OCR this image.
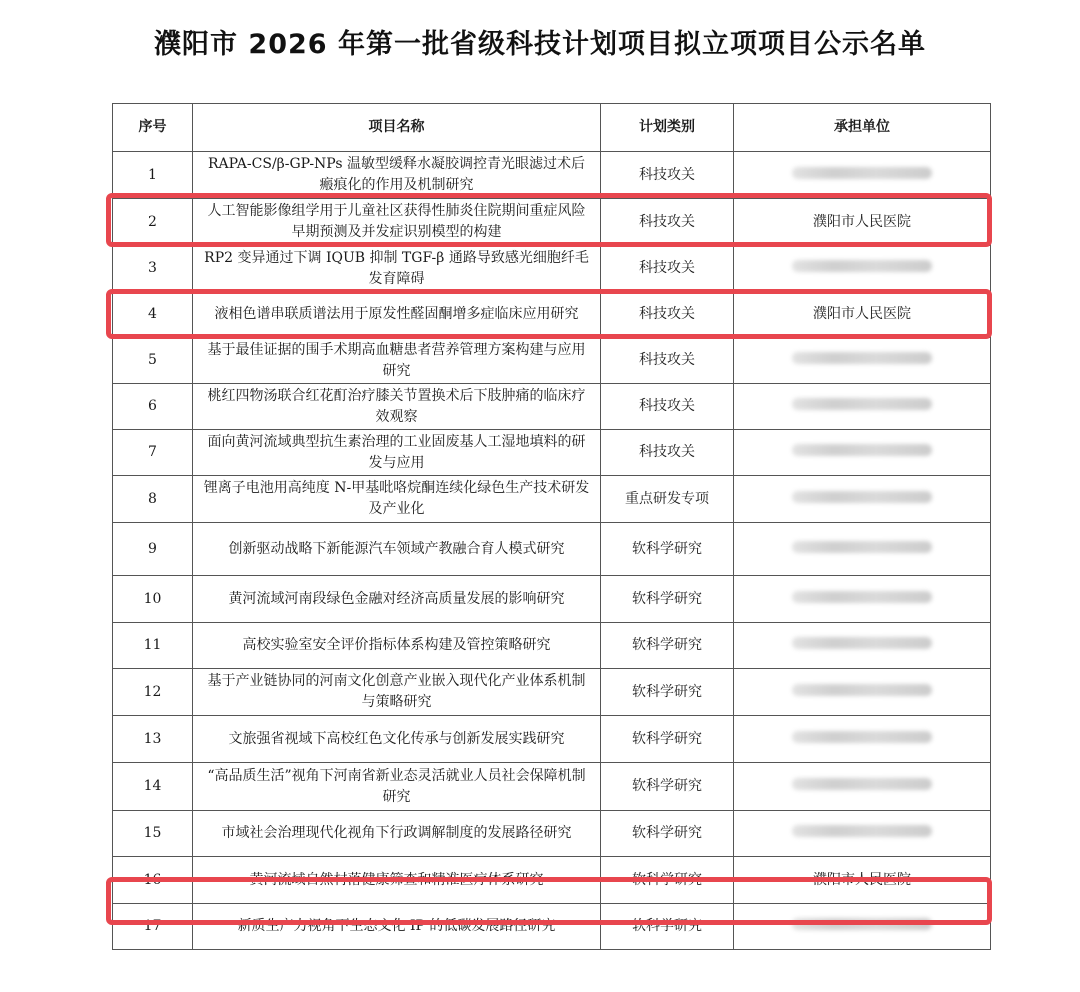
濮阳市 2026 年第一批省级科技计划项目拟立项项目公示名单
序号	项目名称	计划类别	承担单位
1	RAPA-CS/β-GP-NPs 温敏型缓释水凝胶调控青光眼滤过术后瘢痕化的作用及机制研究	科技攻关	
2	人工智能影像组学用于儿童社区获得性肺炎住院期间重症风险早期预测及并发症识别模型的构建	科技攻关	濮阳市人民医院
3	RP2 变异通过下调 IQUB 抑制 TGF-β 通路导致感光细胞纤毛发育障碍	科技攻关	
4	液相色谱串联质谱法用于原发性醛固酮增多症临床应用研究	科技攻关	濮阳市人民医院
5	基于最佳证据的围手术期高血糖患者营养管理方案构建与应用研究	科技攻关	
6	桃红四物汤联合红花酊治疗膝关节置换术后下肢肿痛的临床疗效观察	科技攻关	
7	面向黄河流域典型抗生素治理的工业固废基人工湿地填料的研发与应用	科技攻关	
8	锂离子电池用高纯度 N-甲基吡咯烷酮连续化绿色生产技术研发及产业化	重点研发专项	
9	创新驱动战略下新能源汽车领域产教融合育人模式研究	软科学研究	
10	黄河流域河南段绿色金融对经济高质量发展的影响研究	软科学研究	
11	高校实验室安全评价指标体系构建及管控策略研究	软科学研究	
12	基于产业链协同的河南文化创意产业嵌入现代化产业体系机制与策略研究	软科学研究	
13	文旅强省视域下高校红色文化传承与创新发展实践研究	软科学研究	
14	“高品质生活”视角下河南省新业态灵活就业人员社会保障机制研究	软科学研究	
15	市域社会治理现代化视角下行政调解制度的发展路径研究	软科学研究	
16	黄河流域自然村落健康筛查和精准医疗体系研究	软科学研究	濮阳市人民医院
17	新质生产力视角下生态文化 IP 的低碳发展路径研究	软科学研究	
